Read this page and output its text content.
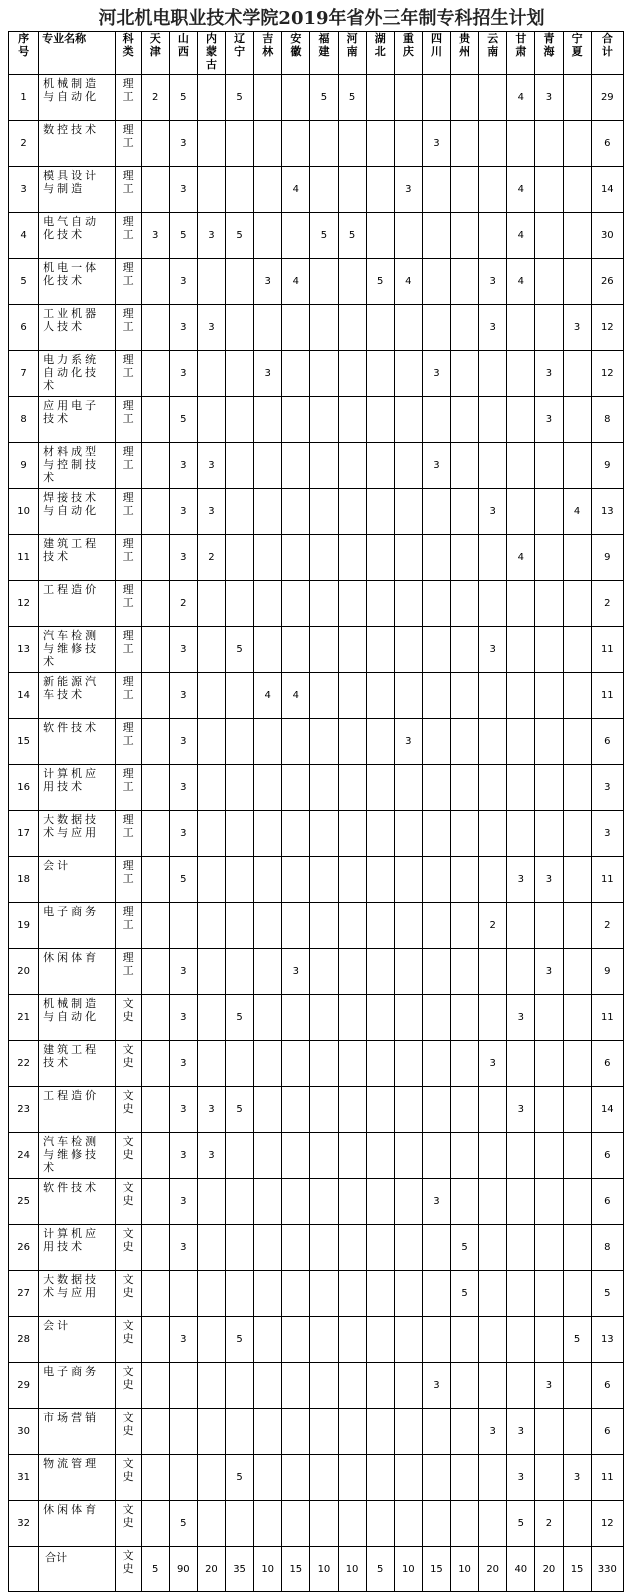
河北机电职业技术学院2019年省外三年制专科招生计划
序号	专业名称	科类	天津	山西	内蒙古	辽宁	吉林	安徽	福建	河南	湖北	重庆	四川	贵州	云南	甘肃	青海	宁夏	合计
1	机械制造与自动化	理工	2	5		5			5	5						4	3		29
2	数控技术	理工		3									3						6
3	模具设计与制造	理工		3				4				3				4			14
4	电气自动化技术	理工	3	5	3	5			5	5						4			30
5	机电一体化技术	理工		3			3	4			5	4			3	4			26
6	工业机器人技术	理工		3	3										3			3	12
7	电力系统自动化技术	理工		3			3						3				3		12
8	应用电子技术	理工		5													3		8
9	材料成型与控制技术	理工		3	3								3						9
10	焊接技术与自动化	理工		3	3										3			4	13
11	建筑工程技术	理工		3	2											4			9
12	工程造价	理工		2															2
13	汽车检测与维修技术	理工		3		5									3				11
14	新能源汽车技术	理工		3			4	4											11
15	软件技术	理工		3								3							6
16	计算机应用技术	理工		3															3
17	大数据技术与应用	理工		3															3
18	会计	理工		5												3	3		11
19	电子商务	理工													2				2
20	休闲体育	理工		3				3									3		9
21	机械制造与自动化	文史		3		5										3			11
22	建筑工程技术	文史		3											3				6
23	工程造价	文史		3	3	5										3			14
24	汽车检测与维修技术	文史		3	3														6
25	软件技术	文史		3									3						6
26	计算机应用技术	文史		3										5					8
27	大数据技术与应用	文史												5					5
28	会计	文史		3		5												5	13
29	电子商务	文史											3				3		6
30	市场营销	文史													3	3			6
31	物流管理	文史				5										3		3	11
32	休闲体育	文史		5												5	2		12
	合计	文史	5	90	20	35	10	15	10	10	5	10	15	10	20	40	20	15	330
